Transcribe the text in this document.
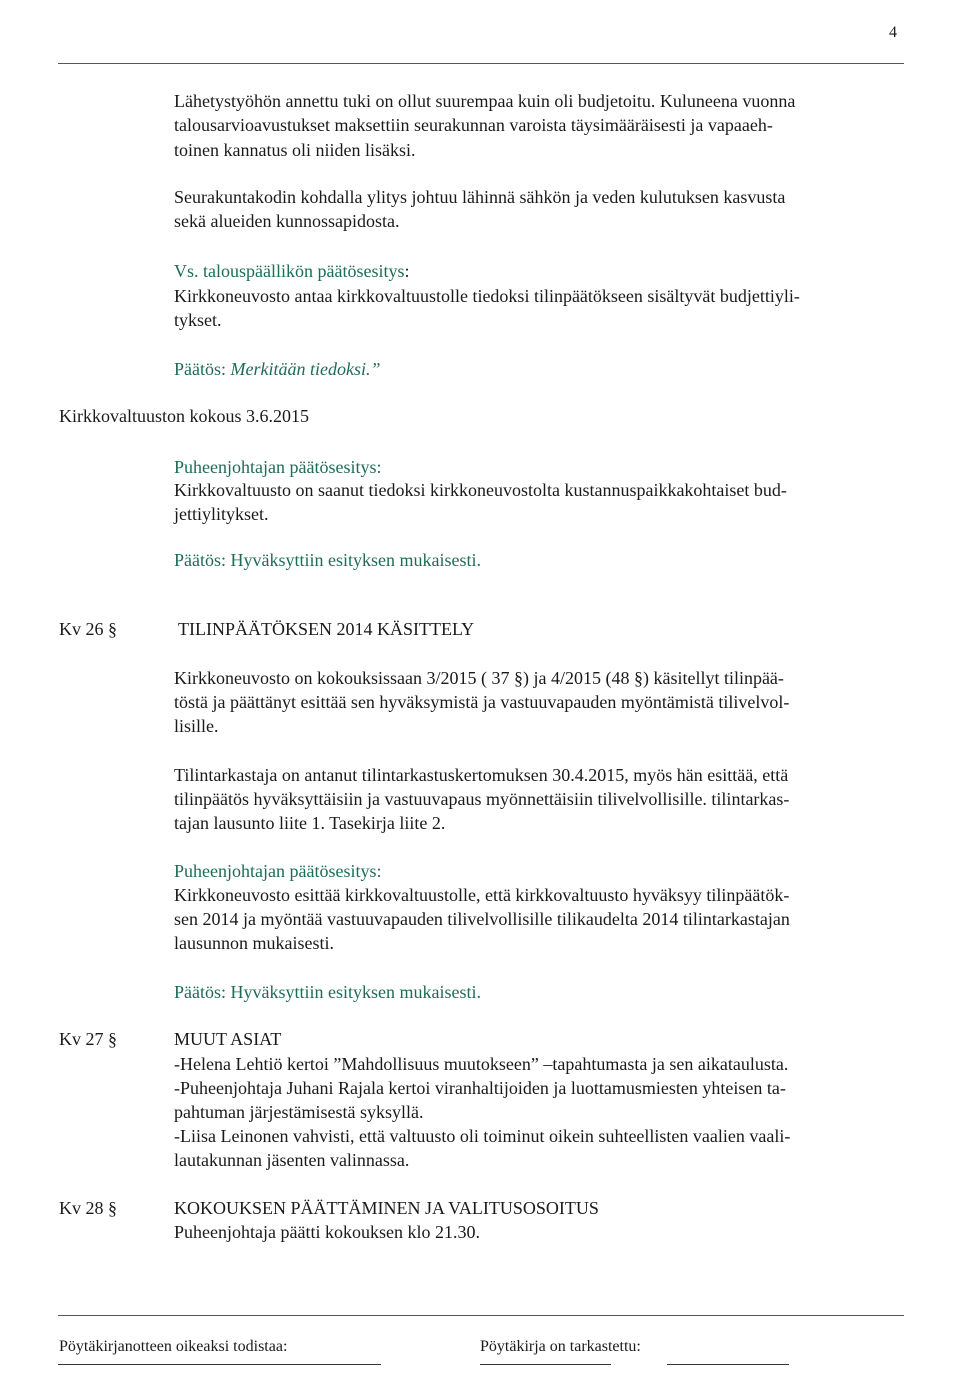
4
Lähetystyöhön annettu tuki on ollut suurempaa kuin oli budjetoitu. Kuluneena vuonna
talousarvioavustukset maksettiin seurakunnan varoista täysimääräisesti ja vapaaeh-
toinen kannatus oli niiden lisäksi.
Seurakuntakodin kohdalla ylitys johtuu lähinnä sähkön ja veden kulutuksen kasvusta
sekä alueiden kunnossapidosta.
Vs. talouspäällikön päätösesitys:
Kirkkoneuvosto antaa kirkkovaltuustolle tiedoksi tilinpäätökseen sisältyvät budjettiyli-
tykset.
Päätös: Merkitään tiedoksi.”
Kirkkovaltuuston kokous 3.6.2015
Puheenjohtajan päätösesitys:
Kirkkovaltuusto on saanut tiedoksi kirkkoneuvostolta kustannuspaikkakohtaiset bud-
jettiylitykset.
Päätös: Hyväksyttiin esityksen mukaisesti.
Kv 26 §	TILINPÄÄTÖKSEN 2014 KÄSITTELY
Kirkkoneuvosto on kokouksissaan 3/2015 ( 37 §) ja 4/2015 (48 §) käsitellyt tilinpää-
töstä ja päättänyt esittää sen hyväksymistä ja vastuuvapauden myöntämistä tilivelvol-
lisille.
Tilintarkastaja on antanut tilintarkastuskertomuksen 30.4.2015, myös hän esittää, että
tilinpäätös hyväksyttäisiin ja vastuuvapaus myönnettäisiin tilivelvollisille. tilintarkas-
tajan lausunto liite 1. Tasekirja liite 2.
Puheenjohtajan päätösesitys:
Kirkkoneuvosto esittää kirkkovaltuustolle, että kirkkovaltuusto hyväksyy tilinpäätök-
sen 2014 ja myöntää vastuuvapauden tilivelvollisille tilikaudelta 2014 tilintarkastajan
lausunnon mukaisesti.
Päätös: Hyväksyttiin esityksen mukaisesti.
Kv 27 §	MUUT ASIAT
-Helena Lehtiö kertoi ”Mahdollisuus muutokseen” –tapahtumasta ja sen aikataulusta.
-Puheenjohtaja Juhani Rajala kertoi viranhaltijoiden ja luottamusmiesten yhteisen ta-
pahtuman järjestämisestä syksyllä.
-Liisa Leinonen vahvisti, että valtuusto oli toiminut oikein suhteellisten vaalien vaali-
lautakunnan jäsenten valinnassa.
Kv 28 §	KOKOUKSEN PÄÄTTÄMINEN JA VALITUSOSOITUS
Puheenjohtaja päätti kokouksen klo 21.30.
Pöytäkirjanotteen oikeaksi todistaa:	Pöytäkirja on tarkastettu:
